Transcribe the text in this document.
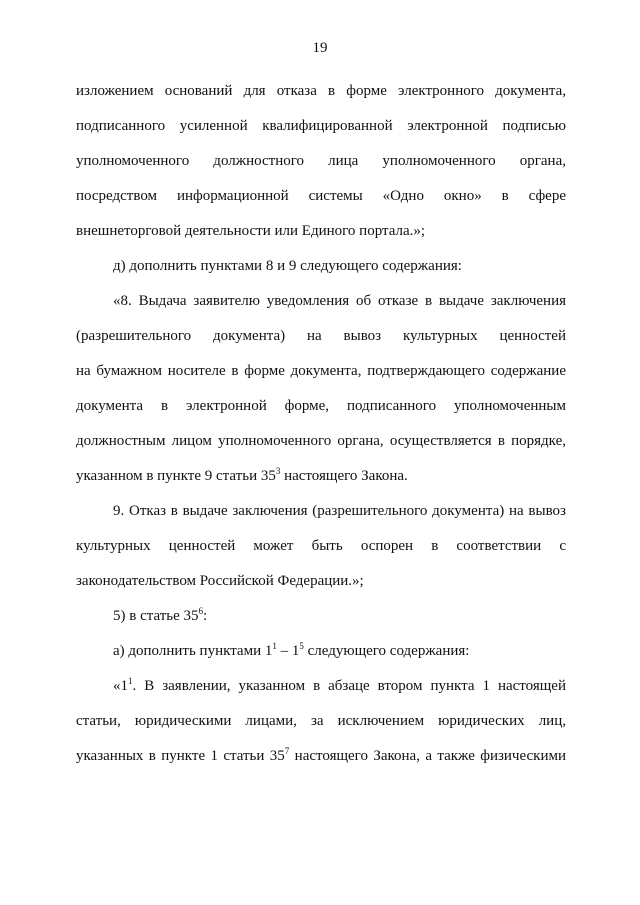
19
изложением оснований для отказа в форме электронного документа,
подписанного усиленной квалифицированной электронной подписью
уполномоченного должностного лица уполномоченного органа,
посредством информационной системы «Одно окно» в сфере
внешнеторговой деятельности или Единого портала.»;
д) дополнить пунктами 8 и 9 следующего содержания:
«8. Выдача заявителю уведомления об отказе в выдаче заключения
(разрешительного документа) на вывоз культурных ценностей
на бумажном носителе в форме документа, подтверждающего содержание
документа в электронной форме, подписанного уполномоченным
должностным лицом уполномоченного органа, осуществляется в порядке,
указанном в пункте 9 статьи $35^3$ настоящего Закона.
9. Отказ в выдаче заключения (разрешительного документа) на вывоз
культурных ценностей может быть оспорен в соответствии с
законодательством Российской Федерации.»;
5) в статье $35^6$:
а) дополнить пунктами $1^1 - 1^5$ следующего содержания:
«$1^1$. В заявлении, указанном в абзаце втором пункта 1 настоящей
статьи, юридическими лицами, за исключением юридических лиц,
указанных в пункте 1 статьи $35^7$ настоящего Закона, а также физическими
